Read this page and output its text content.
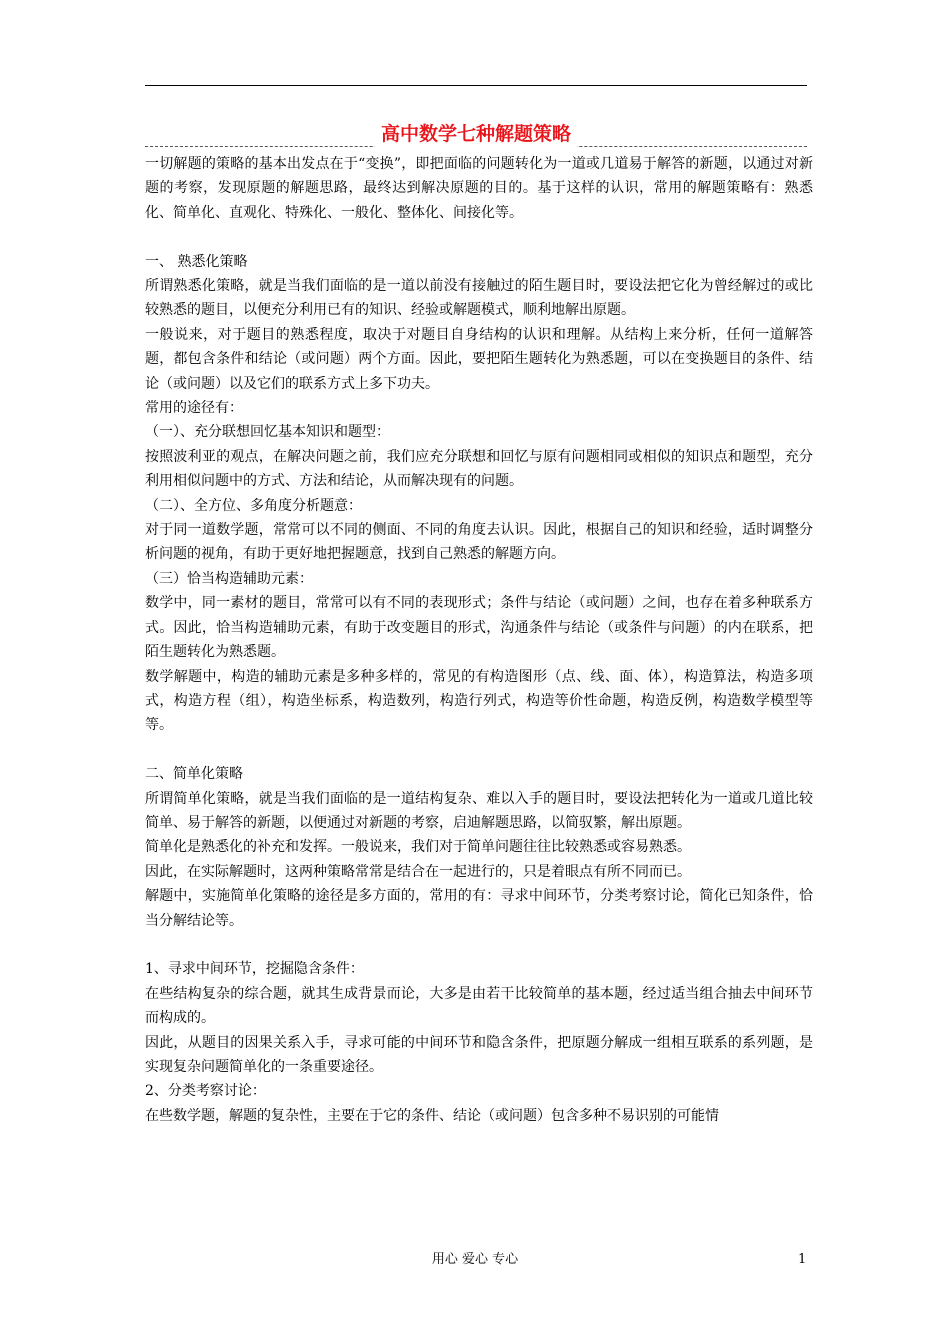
高中数学七种解题策略

一切解题的策略的基本出发点在于“变换”，即把面临的问题转化为一道或几道易于解答的新题，以通过对新题的考察，发现原题的解题思路，最终达到解决原题的目的。基于这样的认识，常用的解题策略有：熟悉化、简单化、直观化、特殊化、一般化、整体化、间接化等。

一、 熟悉化策略

所谓熟悉化策略，就是当我们面临的是一道以前没有接触过的陌生题目时，要设法把它化为曾经解过的或比较熟悉的题目，以便充分利用已有的知识、经验或解题模式，顺利地解出原题。

一般说来，对于题目的熟悉程度，取决于对题目自身结构的认识和理解。从结构上来分析，任何一道解答题，都包含条件和结论（或问题）两个方面。因此，要把陌生题转化为熟悉题，可以在变换题目的条件、结论（或问题）以及它们的联系方式上多下功夫。

常用的途径有：

（一）、充分联想回忆基本知识和题型：

按照波利亚的观点，在解决问题之前，我们应充分联想和回忆与原有问题相同或相似的知识点和题型，充分利用相似问题中的方式、方法和结论，从而解决现有的问题。

（二）、全方位、多角度分析题意：

对于同一道数学题，常常可以不同的侧面、不同的角度去认识。因此，根据自己的知识和经验，适时调整分析问题的视角，有助于更好地把握题意，找到自己熟悉的解题方向。

（三）恰当构造辅助元素：

数学中，同一素材的题目，常常可以有不同的表现形式；条件与结论（或问题）之间，也存在着多种联系方式。因此，恰当构造辅助元素，有助于改变题目的形式，沟通条件与结论（或条件与问题）的内在联系，把陌生题转化为熟悉题。

数学解题中，构造的辅助元素是多种多样的，常见的有构造图形（点、线、面、体），构造算法，构造多项式，构造方程（组），构造坐标系，构造数列，构造行列式，构造等价性命题，构造反例，构造数学模型等等。

二、简单化策略

所谓简单化策略，就是当我们面临的是一道结构复杂、难以入手的题目时，要设法把转化为一道或几道比较简单、易于解答的新题，以便通过对新题的考察，启迪解题思路，以简驭繁，解出原题。

简单化是熟悉化的补充和发挥。一般说来，我们对于简单问题往往比较熟悉或容易熟悉。

因此，在实际解题时，这两种策略常常是结合在一起进行的，只是着眼点有所不同而已。

解题中，实施简单化策略的途径是多方面的，常用的有：寻求中间环节，分类考察讨论，简化已知条件，恰当分解结论等。

1、寻求中间环节，挖掘隐含条件：

在些结构复杂的综合题，就其生成背景而论，大多是由若干比较简单的基本题，经过适当组合抽去中间环节而构成的。

因此，从题目的因果关系入手，寻求可能的中间环节和隐含条件，把原题分解成一组相互联系的系列题，是实现复杂问题简单化的一条重要途径。

2、分类考察讨论：

在些数学题，解题的复杂性，主要在于它的条件、结论（或问题）包含多种不易识别的可能情

用心 爱心 专心	1
